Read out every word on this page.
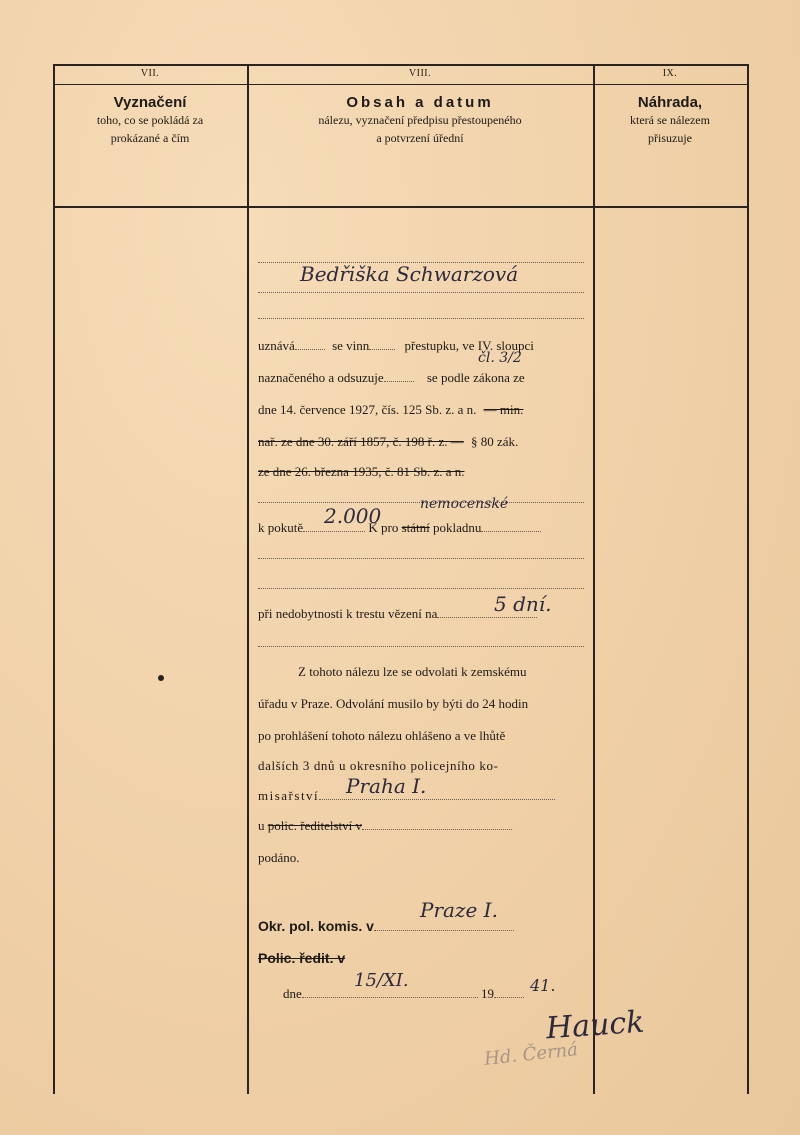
VII.	VIII.	IX.
Vyznačení
toho, co se pokládá za
prokázané a čím
Obsah a datum
nálezu, vyznačení předpisu přestoupeného
a potvrzení úřední
Náhrada,
která se nálezem
přisuzuje
Bedřiška Schwarzová
uznává	se vinn	přestupku, ve IV. sloupci
čl. 3/2
naznačeného a odsuzuje	se podle zákona ze
dne 14. července 1927, čís. 125 Sb. z. a n. — min.
nař. ze dne 30. září 1857, č. 198 ř. z. — § 80 zák.
ze dne 26. března 1935, č. 81 Sb. z. a n.
nemocenské
k pokutě	K pro státní pokladnu
2.000
při nedobytnosti k trestu vězení na	5 dní.
Z tohoto nálezu lze se odvolati k zemskému
úřadu v Praze. Odvolání musilo by býti do 24 hodin
po prohlášení tohoto nálezu ohlášeno a ve lhůtě
dalších 3 dnů u okresního policejního ko-
misařství	Praha I.
u polic. ředitelství v
podáno.
Okr. pol. komis. v
Praze I.
Polic. ředit. v
dne	19
15/XI.	41.
Hauck
Hd. Černá
